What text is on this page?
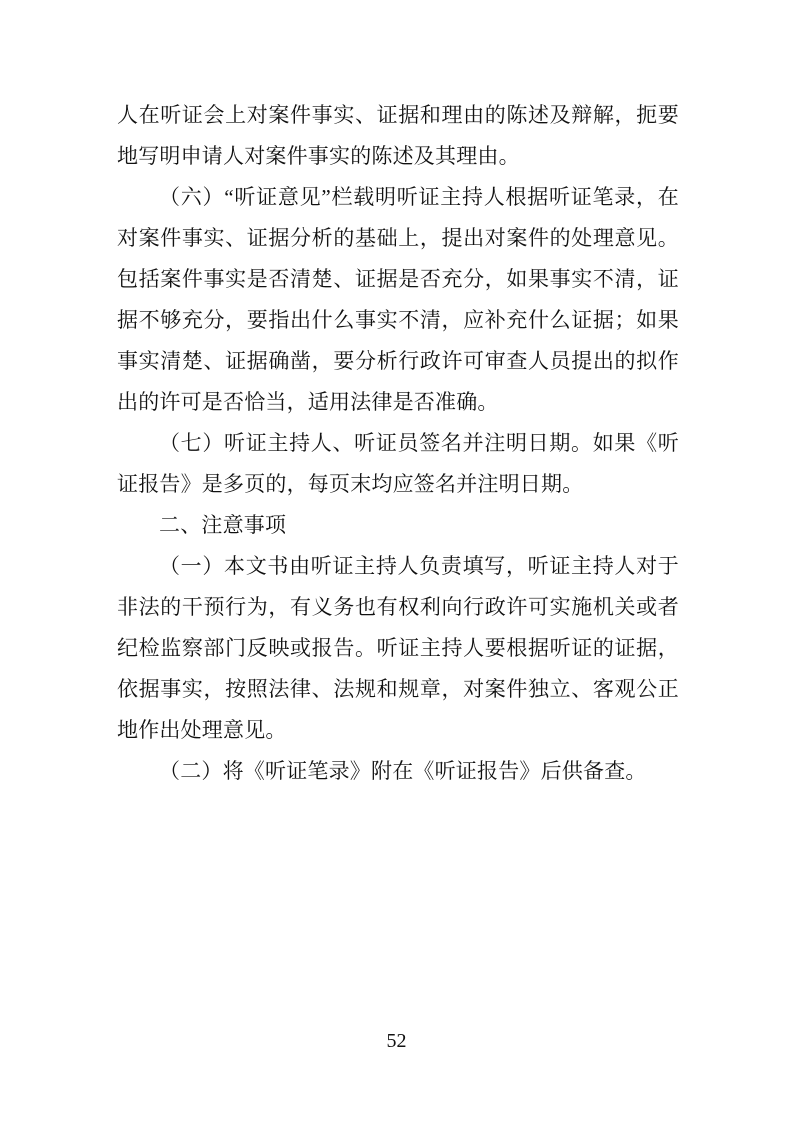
人在听证会上对案件事实、证据和理由的陈述及辩解，扼要地写明申请人对案件事实的陈述及其理由。

（六）“听证意见”栏载明听证主持人根据听证笔录，在对案件事实、证据分析的基础上，提出对案件的处理意见。包括案件事实是否清楚、证据是否充分，如果事实不清，证据不够充分，要指出什么事实不清，应补充什么证据；如果事实清楚、证据确凿，要分析行政许可审查人员提出的拟作出的许可是否恰当，适用法律是否准确。

（七）听证主持人、听证员签名并注明日期。如果《听证报告》是多页的，每页末均应签名并注明日期。

二、注意事项

（一）本文书由听证主持人负责填写，听证主持人对于非法的干预行为，有义务也有权利向行政许可实施机关或者纪检监察部门反映或报告。听证主持人要根据听证的证据，依据事实，按照法律、法规和规章，对案件独立、客观公正地作出处理意见。

（二）将《听证笔录》附在《听证报告》后供备查。

52
